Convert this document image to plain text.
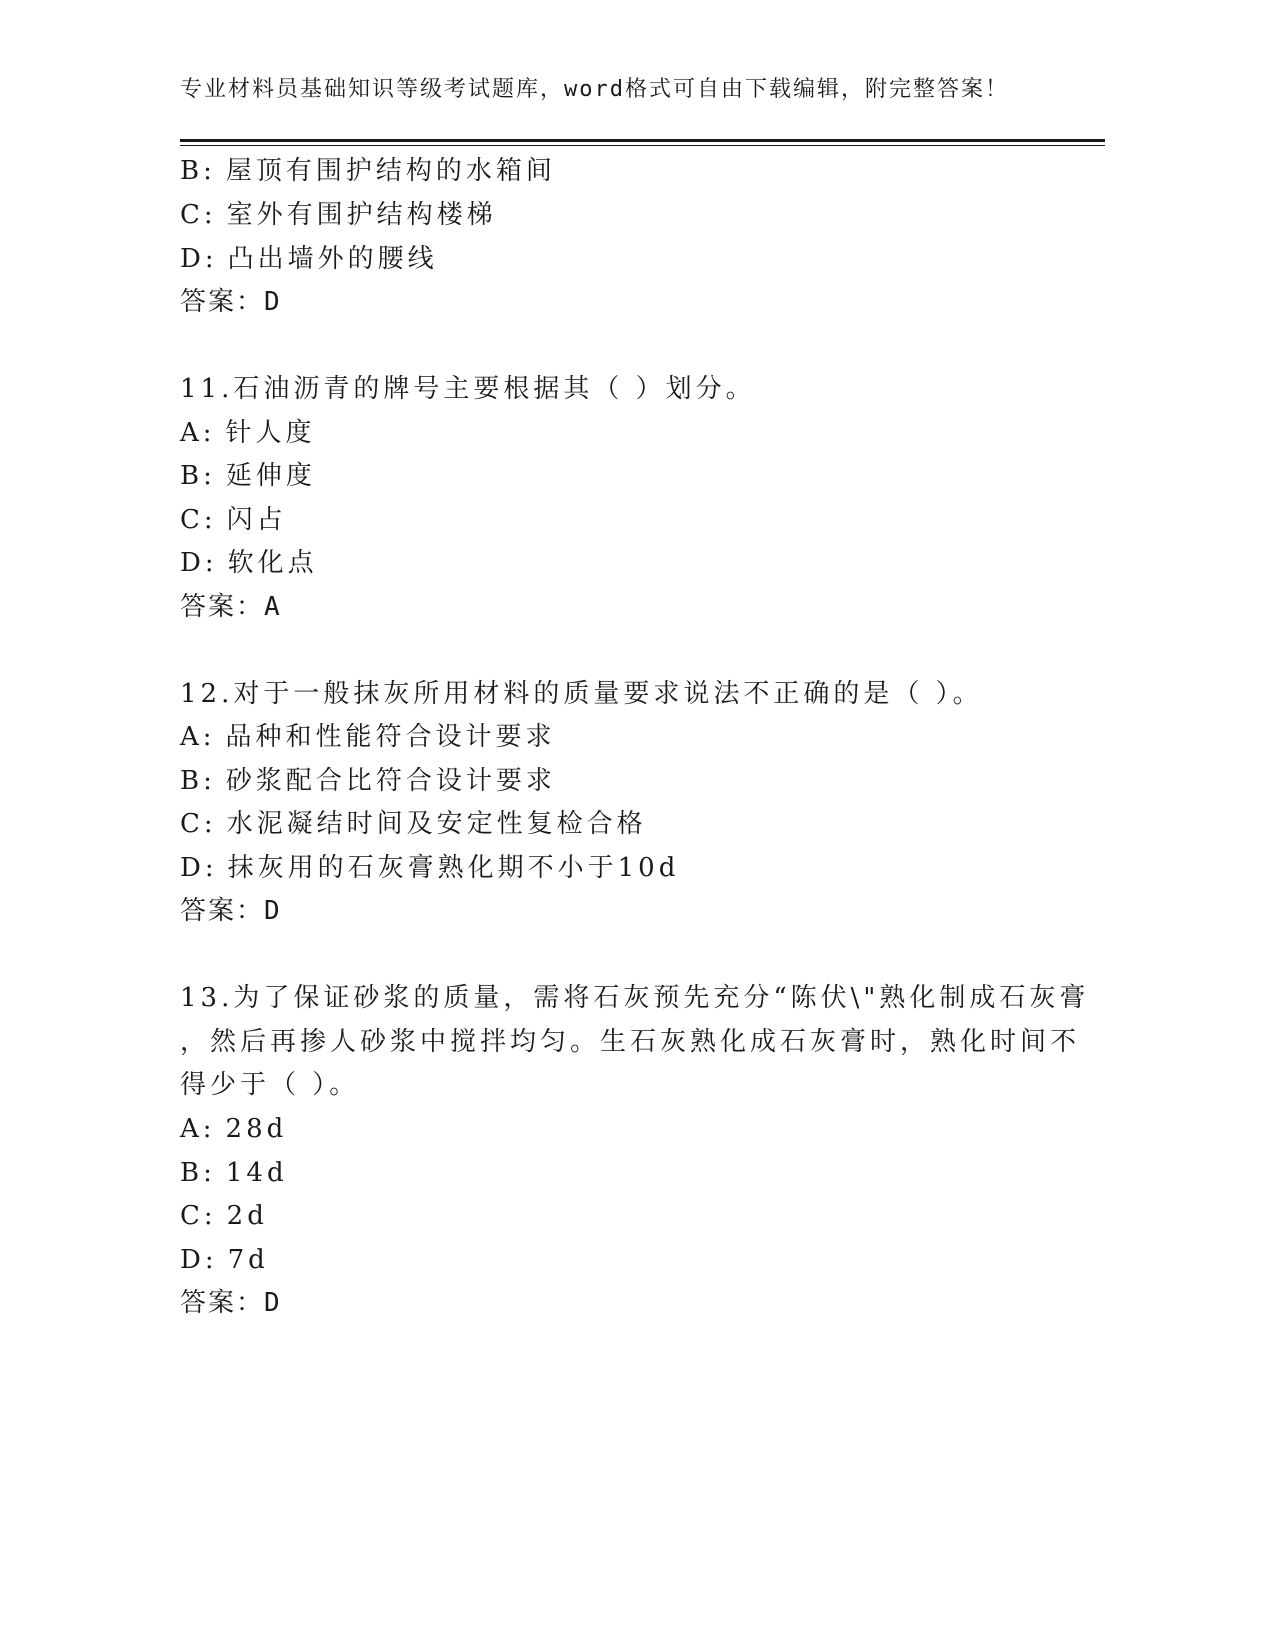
专业材料员基础知识等级考试题库，word格式可自由下载编辑，附完整答案！
B: 屋顶有围护结构的水箱间
C: 室外有围护结构楼梯
D: 凸出墙外的腰线
答案：D
11.石油沥青的牌号主要根据其（ ）划分。
A: 针人度
B: 延伸度
C: 闪占
D: 软化点
答案：A
12.对于一般抹灰所用材料的质量要求说法不正确的是（ ）。
A: 品种和性能符合设计要求
B: 砂浆配合比符合设计要求
C: 水泥凝结时间及安定性复检合格
D: 抹灰用的石灰膏熟化期不小于10d
答案：D
13.为了保证砂浆的质量，需将石灰预先充分“陈伏\"熟化制成石灰膏
，然后再掺人砂浆中搅拌均匀。生石灰熟化成石灰膏时，熟化时间不
得少于（ ）。
A: 28d
B: 14d
C: 2d
D: 7d
答案：D
